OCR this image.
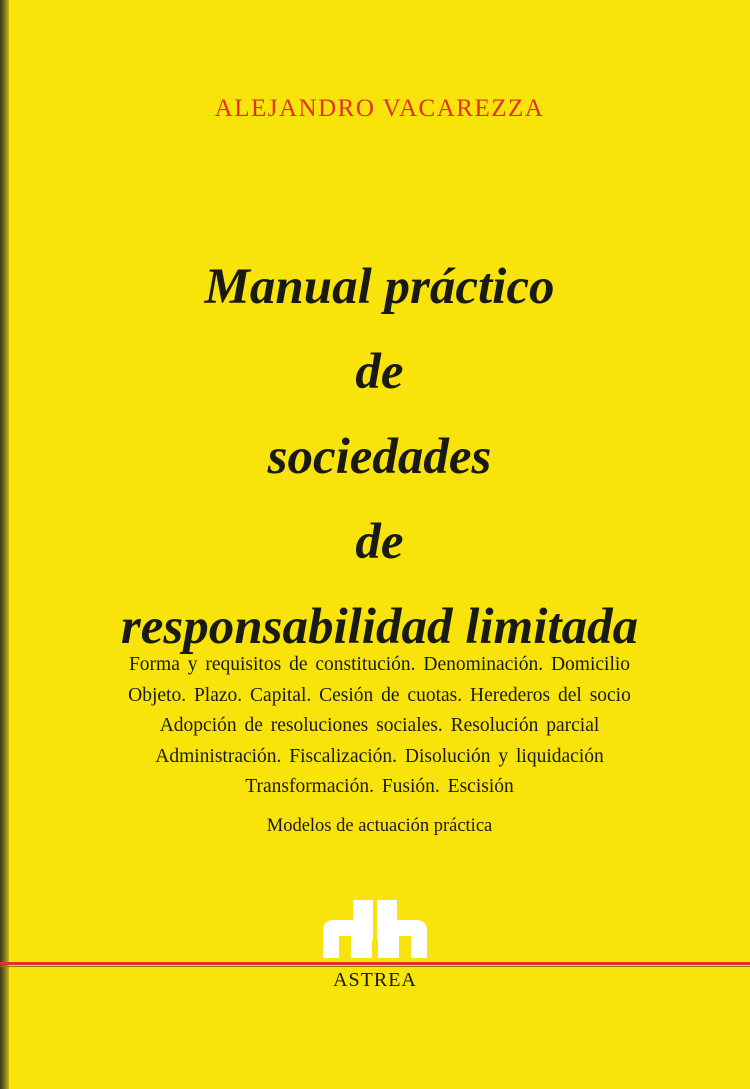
ALEJANDRO VACAREZZA
Manual práctico
de
sociedades
de
responsabilidad limitada
Forma y requisitos de constitución. Denominación. Domicilio
Objeto. Plazo. Capital. Cesión de cuotas. Herederos del socio
Adopción de resoluciones sociales. Resolución parcial
Administración. Fiscalización. Disolución y liquidación
Transformación. Fusión. Escisión
Modelos de actuación práctica
ASTREA
